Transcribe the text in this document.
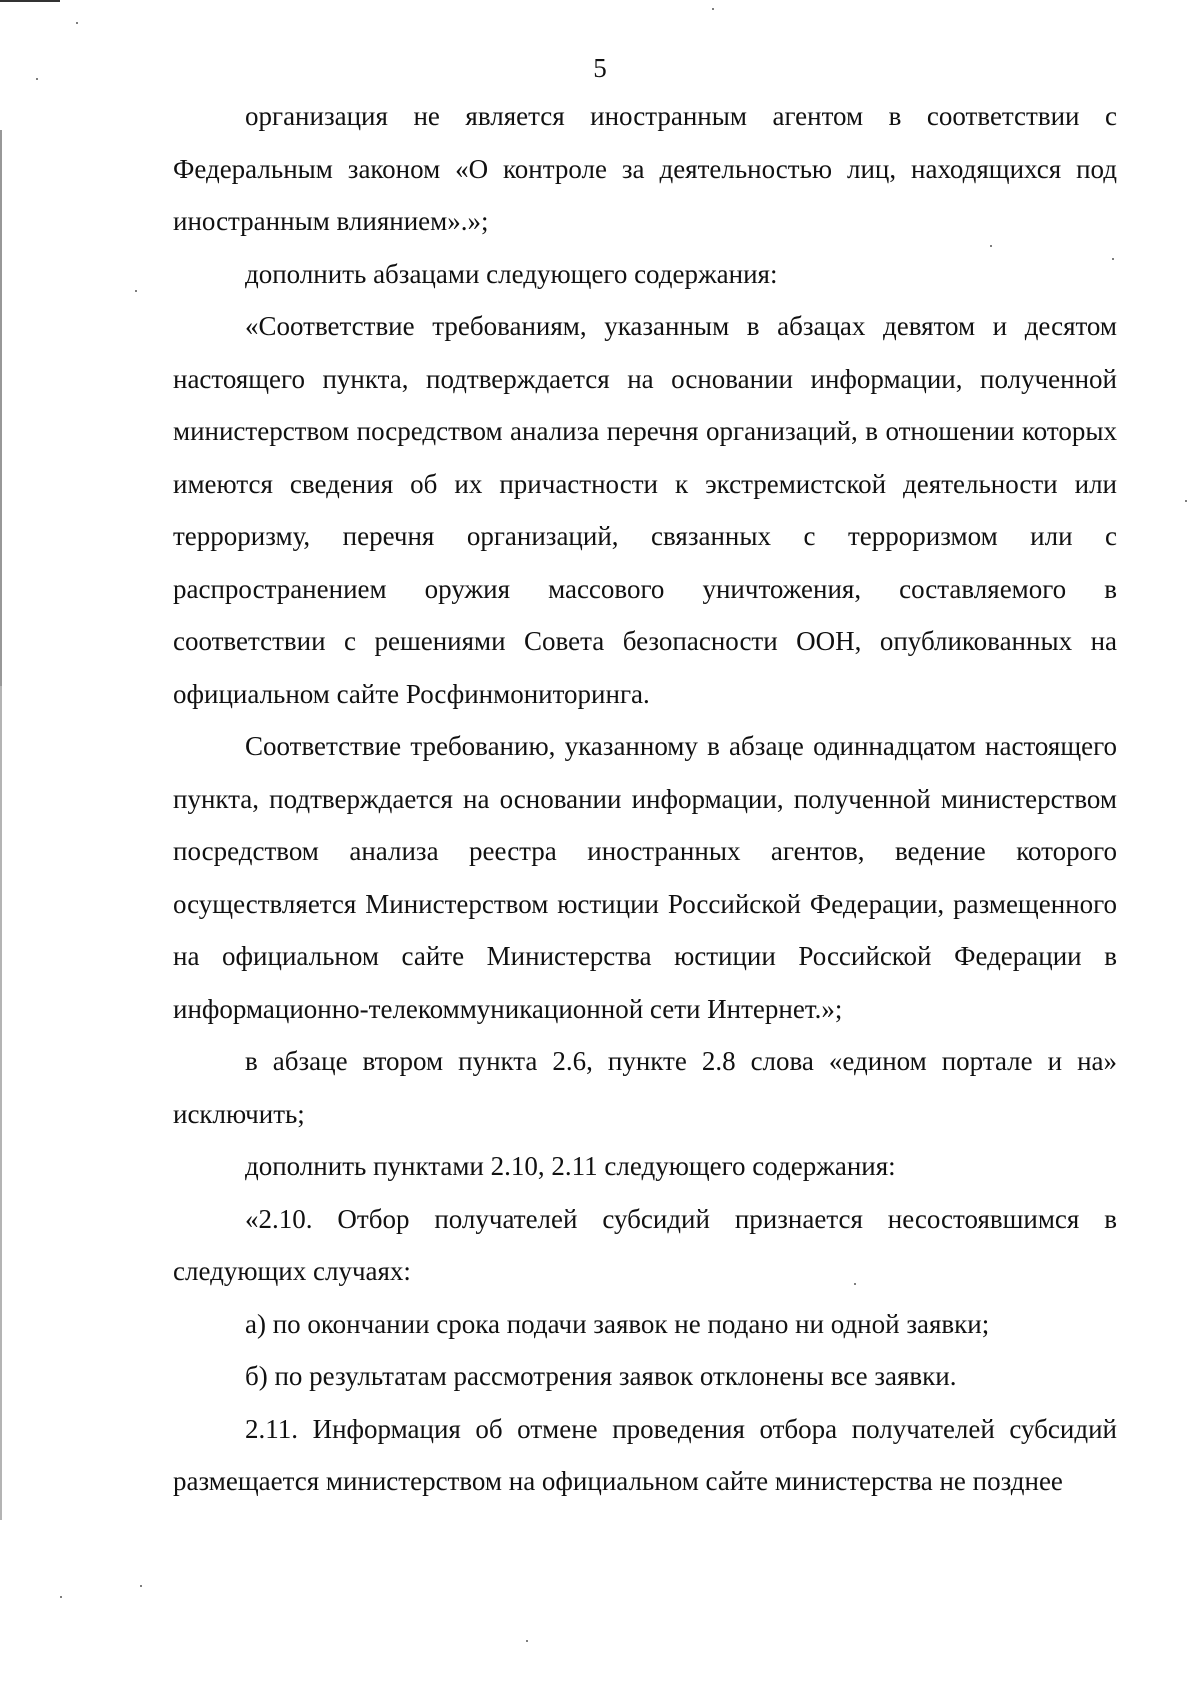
5

организация не является иностранным агентом в соответствии с Федеральным законом «О контроле за деятельностью лиц, находящихся под иностранным влиянием».»;

дополнить абзацами следующего содержания:

«Соответствие требованиям, указанным в абзацах девятом и десятом настоящего пункта, подтверждается на основании информации, полученной министерством посредством анализа перечня организаций, в отношении которых имеются сведения об их причастности к экстремистской деятельности или терроризму, перечня организаций, связанных с терроризмом или с распространением оружия массового уничтожения, составляемого в соответствии с решениями Совета безопасности ООН, опубликованных на официальном сайте Росфинмониторинга.

Соответствие требованию, указанному в абзаце одиннадцатом настоящего пункта, подтверждается на основании информации, полученной министерством посредством анализа реестра иностранных агентов, ведение которого осуществляется Министерством юстиции Российской Федерации, размещенного на официальном сайте Министерства юстиции Российской Федерации в информационно-телекоммуникационной сети Интернет.»;

в абзаце втором пункта 2.6, пункте 2.8 слова «едином портале и на» исключить;

дополнить пунктами 2.10, 2.11 следующего содержания:

«2.10. Отбор получателей субсидий признается несостоявшимся в следующих случаях:

а) по окончании срока подачи заявок не подано ни одной заявки;

б) по результатам рассмотрения заявок отклонены все заявки.

2.11. Информация об отмене проведения отбора получателей субсидий размещается министерством на официальном сайте министерства не позднее
